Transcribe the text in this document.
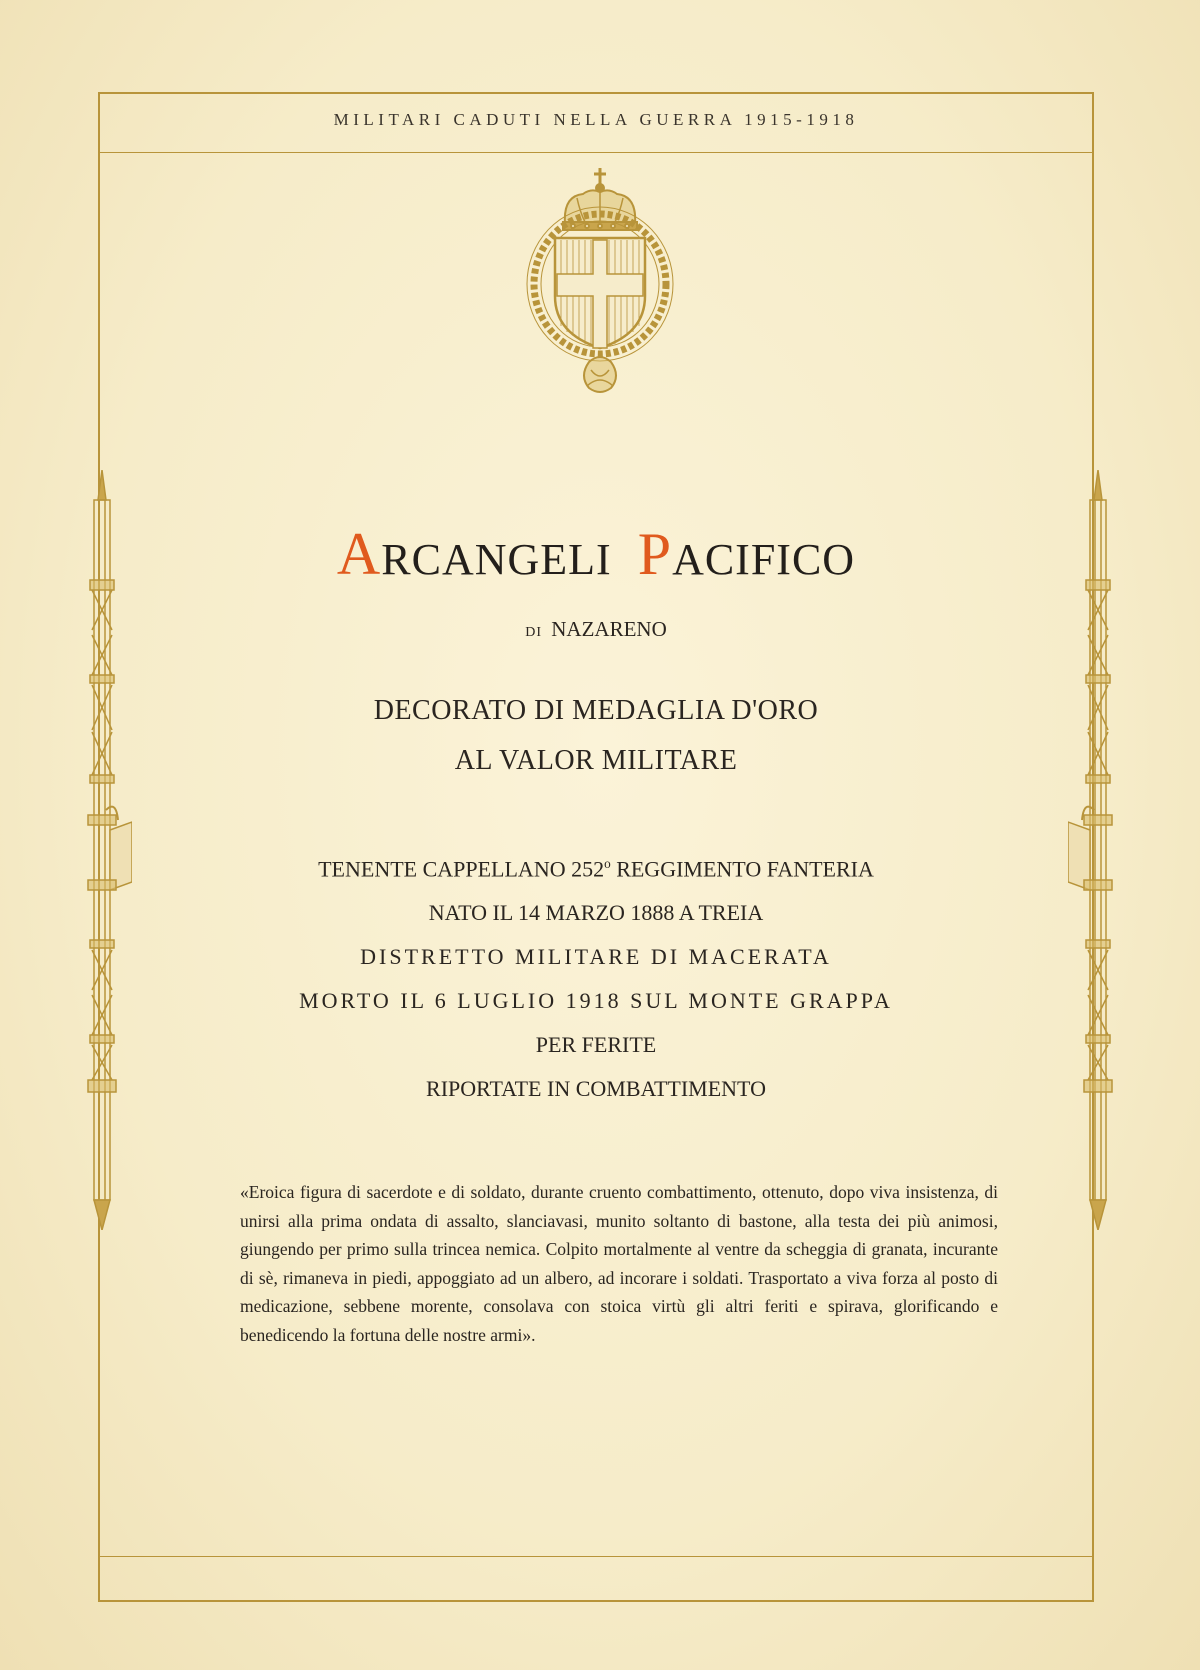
MILITARI CADUTI NELLA GUERRA 1915-1918
ARCANGELI PACIFICO
DI NAZARENO
DECORATO DI MEDAGLIA D'ORO
AL VALOR MILITARE
TENENTE CAPPELLANO 252$^o$ REGGIMENTO FANTERIA
NATO IL 14 MARZO 1888 A TREIA
DISTRETTO MILITARE DI MACERATA
MORTO IL 6 LUGLIO 1918 SUL MONTE GRAPPA
PER FERITE
RIPORTATE IN COMBATTIMENTO
«Eroica figura di sacerdote e di soldato, durante cruento combattimento, ottenuto, dopo viva insistenza, di unirsi alla prima ondata di assalto, slanciavasi, munito soltanto di bastone, alla testa dei più animosi, giungendo per primo sulla trincea nemica. Colpito mortalmente al ventre da scheggia di granata, incurante di sè, rimaneva in piedi, appoggiato ad un albero, ad incorare i soldati. Trasportato a viva forza al posto di medicazione, sebbene morente, consolava con stoica virtù gli altri feriti e spirava, glorificando e benedicendo la fortuna delle nostre armi».
